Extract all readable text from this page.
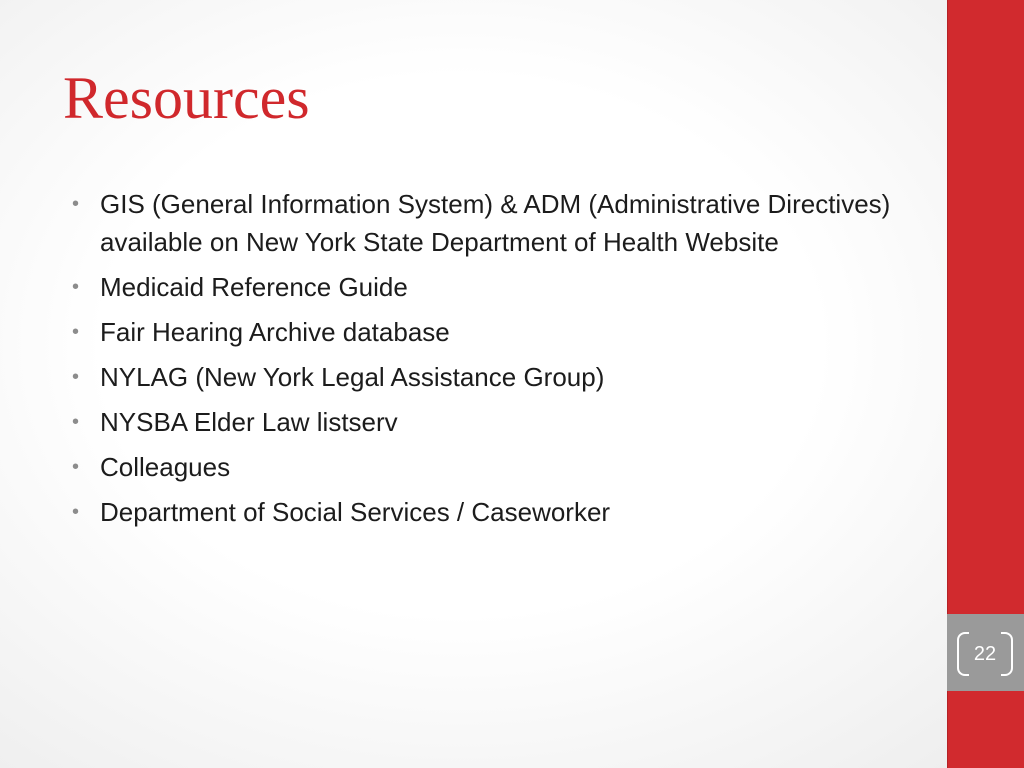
Resources
• GIS (General Information System) & ADM (Administrative Directives) available on New York State Department of Health Website
• Medicaid Reference Guide
• Fair Hearing Archive database
• NYLAG (New York Legal Assistance Group)
• NYSBA Elder Law listserv
• Colleagues
• Department of Social Services / Caseworker
22
